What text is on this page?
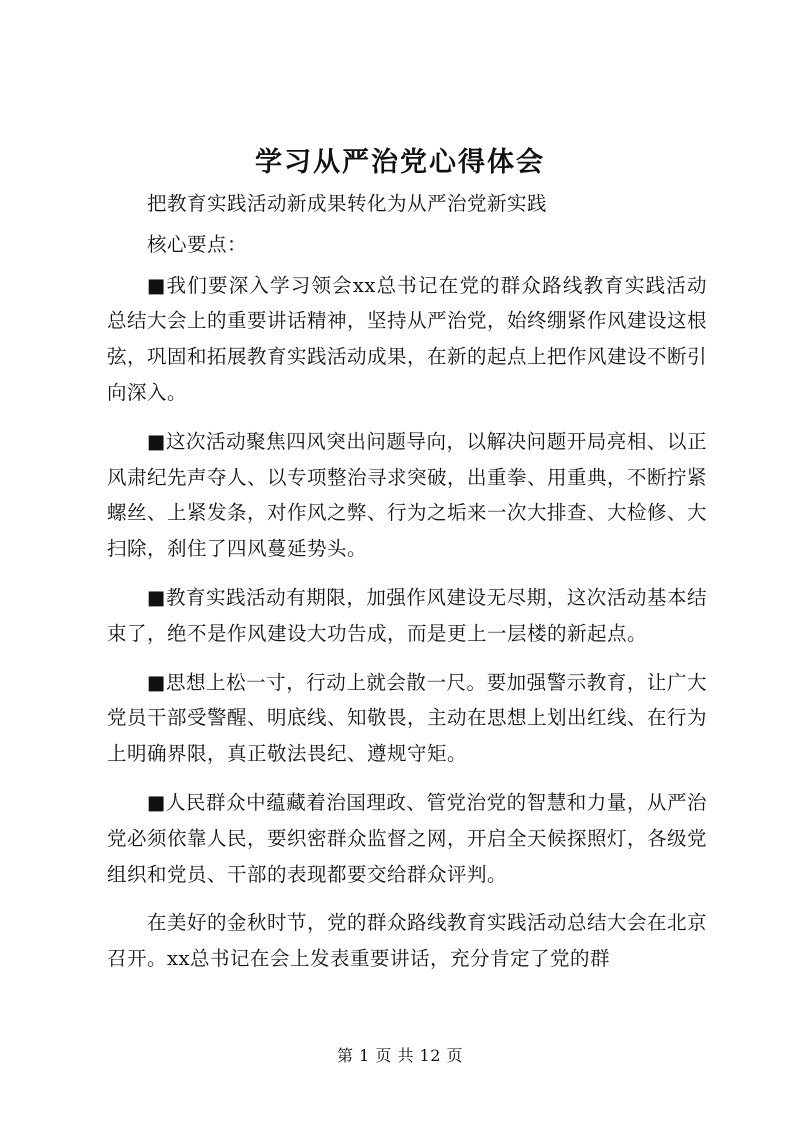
学习从严治党心得体会

把教育实践活动新成果转化为从严治党新实践

核心要点：

■我们要深入学习领会xx总书记在党的群众路线教育实践活动总结大会上的重要讲话精神，坚持从严治党，始终绷紧作风建设这根弦，巩固和拓展教育实践活动成果，在新的起点上把作风建设不断引向深入。

■这次活动聚焦四风突出问题导向，以解决问题开局亮相、以正风肃纪先声夺人、以专项整治寻求突破，出重拳、用重典，不断拧紧螺丝、上紧发条，对作风之弊、行为之垢来一次大排查、大检修、大扫除，刹住了四风蔓延势头。

■教育实践活动有期限，加强作风建设无尽期，这次活动基本结束了，绝不是作风建设大功告成，而是更上一层楼的新起点。

■思想上松一寸，行动上就会散一尺。要加强警示教育，让广大党员干部受警醒、明底线、知敬畏，主动在思想上划出红线、在行为上明确界限，真正敬法畏纪、遵规守矩。

■人民群众中蕴藏着治国理政、管党治党的智慧和力量，从严治党必须依靠人民，要织密群众监督之网，开启全天候探照灯，各级党组织和党员、干部的表现都要交给群众评判。

在美好的金秋时节，党的群众路线教育实践活动总结大会在北京召开。xx总书记在会上发表重要讲话，充分肯定了党的群

第 1 页 共 12 页
